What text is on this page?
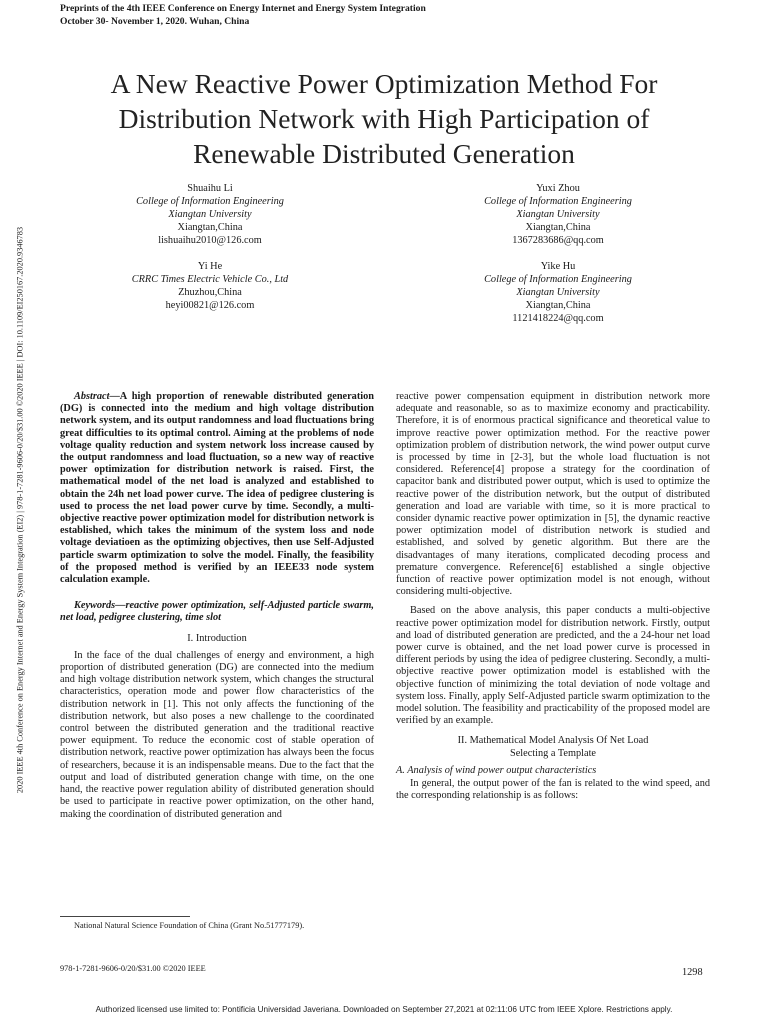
Preprints of the 4th IEEE Conference on Energy Internet and Energy System Integration
October 30- November 1, 2020. Wuhan, China
A New Reactive Power Optimization Method For
Distribution Network with High Participation of
Renewable Distributed Generation
Shuaihu Li
College of Information Engineering
Xiangtan University
Xiangtan,China
lishuaihu2010@126.com
Yuxi Zhou
College of Information Engineering
Xiangtan University
Xiangtan,China
1367283686@qq.com
Yi He
CRRC Times Electric Vehicle Co., Ltd
Zhuzhou,China
heyi00821@126.com
Yike Hu
College of Information Engineering
Xiangtan University
Xiangtan,China
1121418224@qq.com
2020 IEEE 4th Conference on Energy Internet and Energy System Integration (EI2) | 978-1-7281-9606-0/20/$31.00 ©2020 IEEE | DOI: 10.1109/EI250167.2020.9346783	Abstract—A high proportion of renewable distributed generation (DG) is connected into the medium and high voltage distribution network system, and its output randomness and load fluctuations bring great difficulties to its optimal control. Aiming at the problems of node voltage quality reduction and system network loss increase caused by the output randomness and load fluctuation, so a new way of reactive power optimization for distribution network is raised. First, the mathematical model of the net load is analyzed and established to obtain the 24h net load power curve. The idea of pedigree clustering is used to process the net load power curve by time. Secondly, a multi-objective reactive power optimization model for distribution network is established, which takes the minimum of the system loss and node voltage deviatioen as the optimizing objectives, then use Self-Adjusted particle swarm optimization to solve the model. Finally, the feasibility of the proposed method is verified by an IEEE33 node system calculation example.

Keywords—reactive power optimization, self-Adjusted particle swarm, net load, pedigree clustering, time slot

I. Introduction

In the face of the dual challenges of energy and environment, a high proportion of distributed generation (DG) are connected into the medium and high voltage distribution network system, which changes the structural characteristics, operation mode and power flow characteristics of the distribution network in [1]. This not only affects the functioning of the distribution network, but also poses a new challenge to the coordinated control between the distributed generation and the traditional reactive power equipment. To reduce the economic cost of stable operation of distribution network, reactive power optimization has always been the focus of researchers, because it is an indispensable means. Due to the fact that the output and load of distributed generation change with time, on the one hand, the reactive power regulation ability of distributed generation should be used to participate in reactive power optimization, on the other hand, making the coordination of distributed generation and

reactive power compensation equipment in distribution network more adequate and reasonable, so as to maximize economy and practicability. Therefore, it is of enormous practical significance and theoretical value to improve reactive power optimization method. For the reactive power optimization problem of distribution network, the wind power output curve is processed by time in [2-3], but the whole load fluctuation is not considered. Reference[4] propose a strategy for the coordination of capacitor bank and distributed power output, which is used to optimize the reactive power of the distribution network, but the output of distributed generation and load are variable with time, so it is more practical to consider dynamic reactive power optimization in [5], the dynamic reactive power optimization model of distribution network is studied and established, and solved by genetic algorithm. But there are the disadvantages of many iterations, complicated decoding process and premature convergence. Reference[6] established a single objective function of reactive power optimization model is not enough, without considering multi-objective.

Based on the above analysis, this paper conducts a multi-objective reactive power optimization model for distribution network. Firstly, output and load of distributed generation are predicted, and the a 24-hour net load power curve is obtained, and the net load power curve is processed in different periods by using the idea of pedigree clustering. Secondly, a multi-objective reactive power optimization model is established with the objective function of minimizing the total deviation of node voltage and system loss. Finally, apply Self-Adjusted particle swarm optimization to the model solution. The feasibility and practicability of the proposed model are verified by an example.

II. Mathematical Model Analysis Of Net Load
Selecting a Template

A. Analysis of wind power output characteristics

In general, the output power of the fan is related to the wind speed, and the corresponding relationship is as follows:

National Natural Science Foundation of China (Grant No.51777179).
978-1-7281-9606-0/20/$31.00 ©2020 IEEE	1298
Authorized licensed use limited to: Pontificia Universidad Javeriana. Downloaded on September 27,2021 at 02:11:06 UTC from IEEE Xplore. Restrictions apply.
